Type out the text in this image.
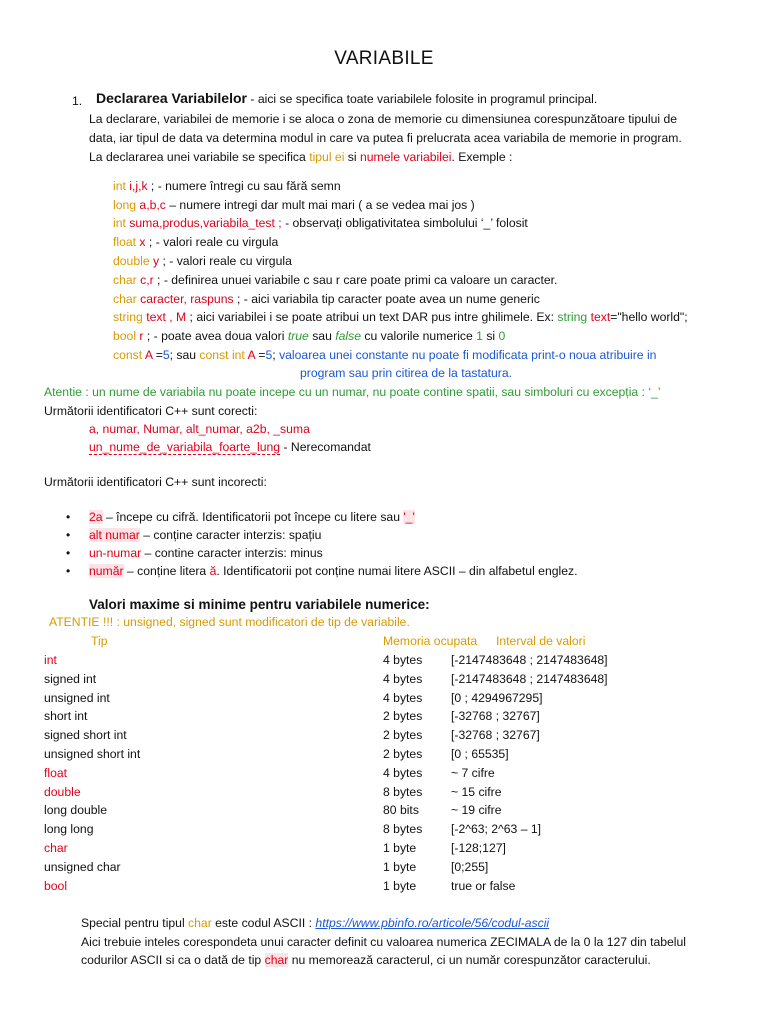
VARIABILE
1. Declararea Variabilelor - aici se specifica toate variabilele folosite in programul principal.
La declarare, variabilei de memorie i se aloca o zona de memorie cu dimensiunea corespunzătoare tipului de
data, iar tipul de data va determina modul in care va putea fi prelucrata acea variabila de memorie in program.
La declararea unei variabile se specifica tipul ei si numele variabilei. Exemple :
int i,j,k ; - numere întregi cu sau fără semn
long a,b,c – numere intregi dar mult mai mari ( a se vedea mai jos )
int suma,produs,variabila_test ; - observați obligativitatea simbolului ‘_’ folosit
float x ; - valori reale cu virgula
double y ; - valori reale cu virgula
char c,r ; - definirea unuei variabile c sau r care poate primi ca valoare un caracter.
char caracter, raspuns ; - aici variabila tip caracter poate avea un nume generic
string text , M ; aici variabilei i se poate atribui un text DAR pus intre ghilimele. Ex: string text="hello world";
bool r ; - poate avea doua valori true sau false cu valorile numerice 1 si 0
const A =5; sau const int A =5; valoarea unei constante nu poate fi modificata print-o noua atribuire in
program sau prin citirea de la tastatura.
Atentie : un nume de variabila nu poate incepe cu un numar, nu poate contine spatii, sau simboluri cu excepția : ‘_’
Următorii identificatori C++ sunt corecti:
a, numar, Numar, alt_numar, a2b, _suma
un_nume_de_variabila_foarte_lung - Nerecomandat
Următorii identificatori C++ sunt incorecti:
• 2a – începe cu cifră. Identificatorii pot începe cu litere sau '_'
• alt numar – conține caracter interzis: spațiu
• un-numar – contine caracter interzis: minus
• număr – conține litera ă. Identificatorii pot conține numai litere ASCII – din alfabetul englez.
Valori maxime si minime pentru variabilele numerice:
ATENTIE !!! : unsigned, signed sunt modificatori de tip de variabile.
Tip	Memoria ocupata Interval de valori
int	4 bytes [-2147483648 ; 2147483648]
signed int	4 bytes [-2147483648 ; 2147483648]
unsigned int	4 bytes [0 ; 4294967295]
short int	2 bytes [-32768 ; 32767]
signed short int	2 bytes [-32768 ; 32767]
unsigned short int	2 bytes [0 ; 65535]
float	4 bytes ~ 7 cifre
double	8 bytes ~ 15 cifre
long double	80 bits	~ 19 cifre
long long	8 bytes [-2^63; 2^63 – 1]
char	1 byte	[-128;127]
unsigned char	1 byte	[0;255]
bool	1 byte	true or false
Special pentru tipul char este codul ASCII : https://www.pbinfo.ro/articole/56/codul-ascii
Aici trebuie inteles corespondeta unui caracter definit cu valoarea numerica ZECIMALA de la 0 la 127 din tabelul
codurilor ASCII si ca o dată de tip char nu memorează caracterul, ci un număr corespunzător caracterului.
